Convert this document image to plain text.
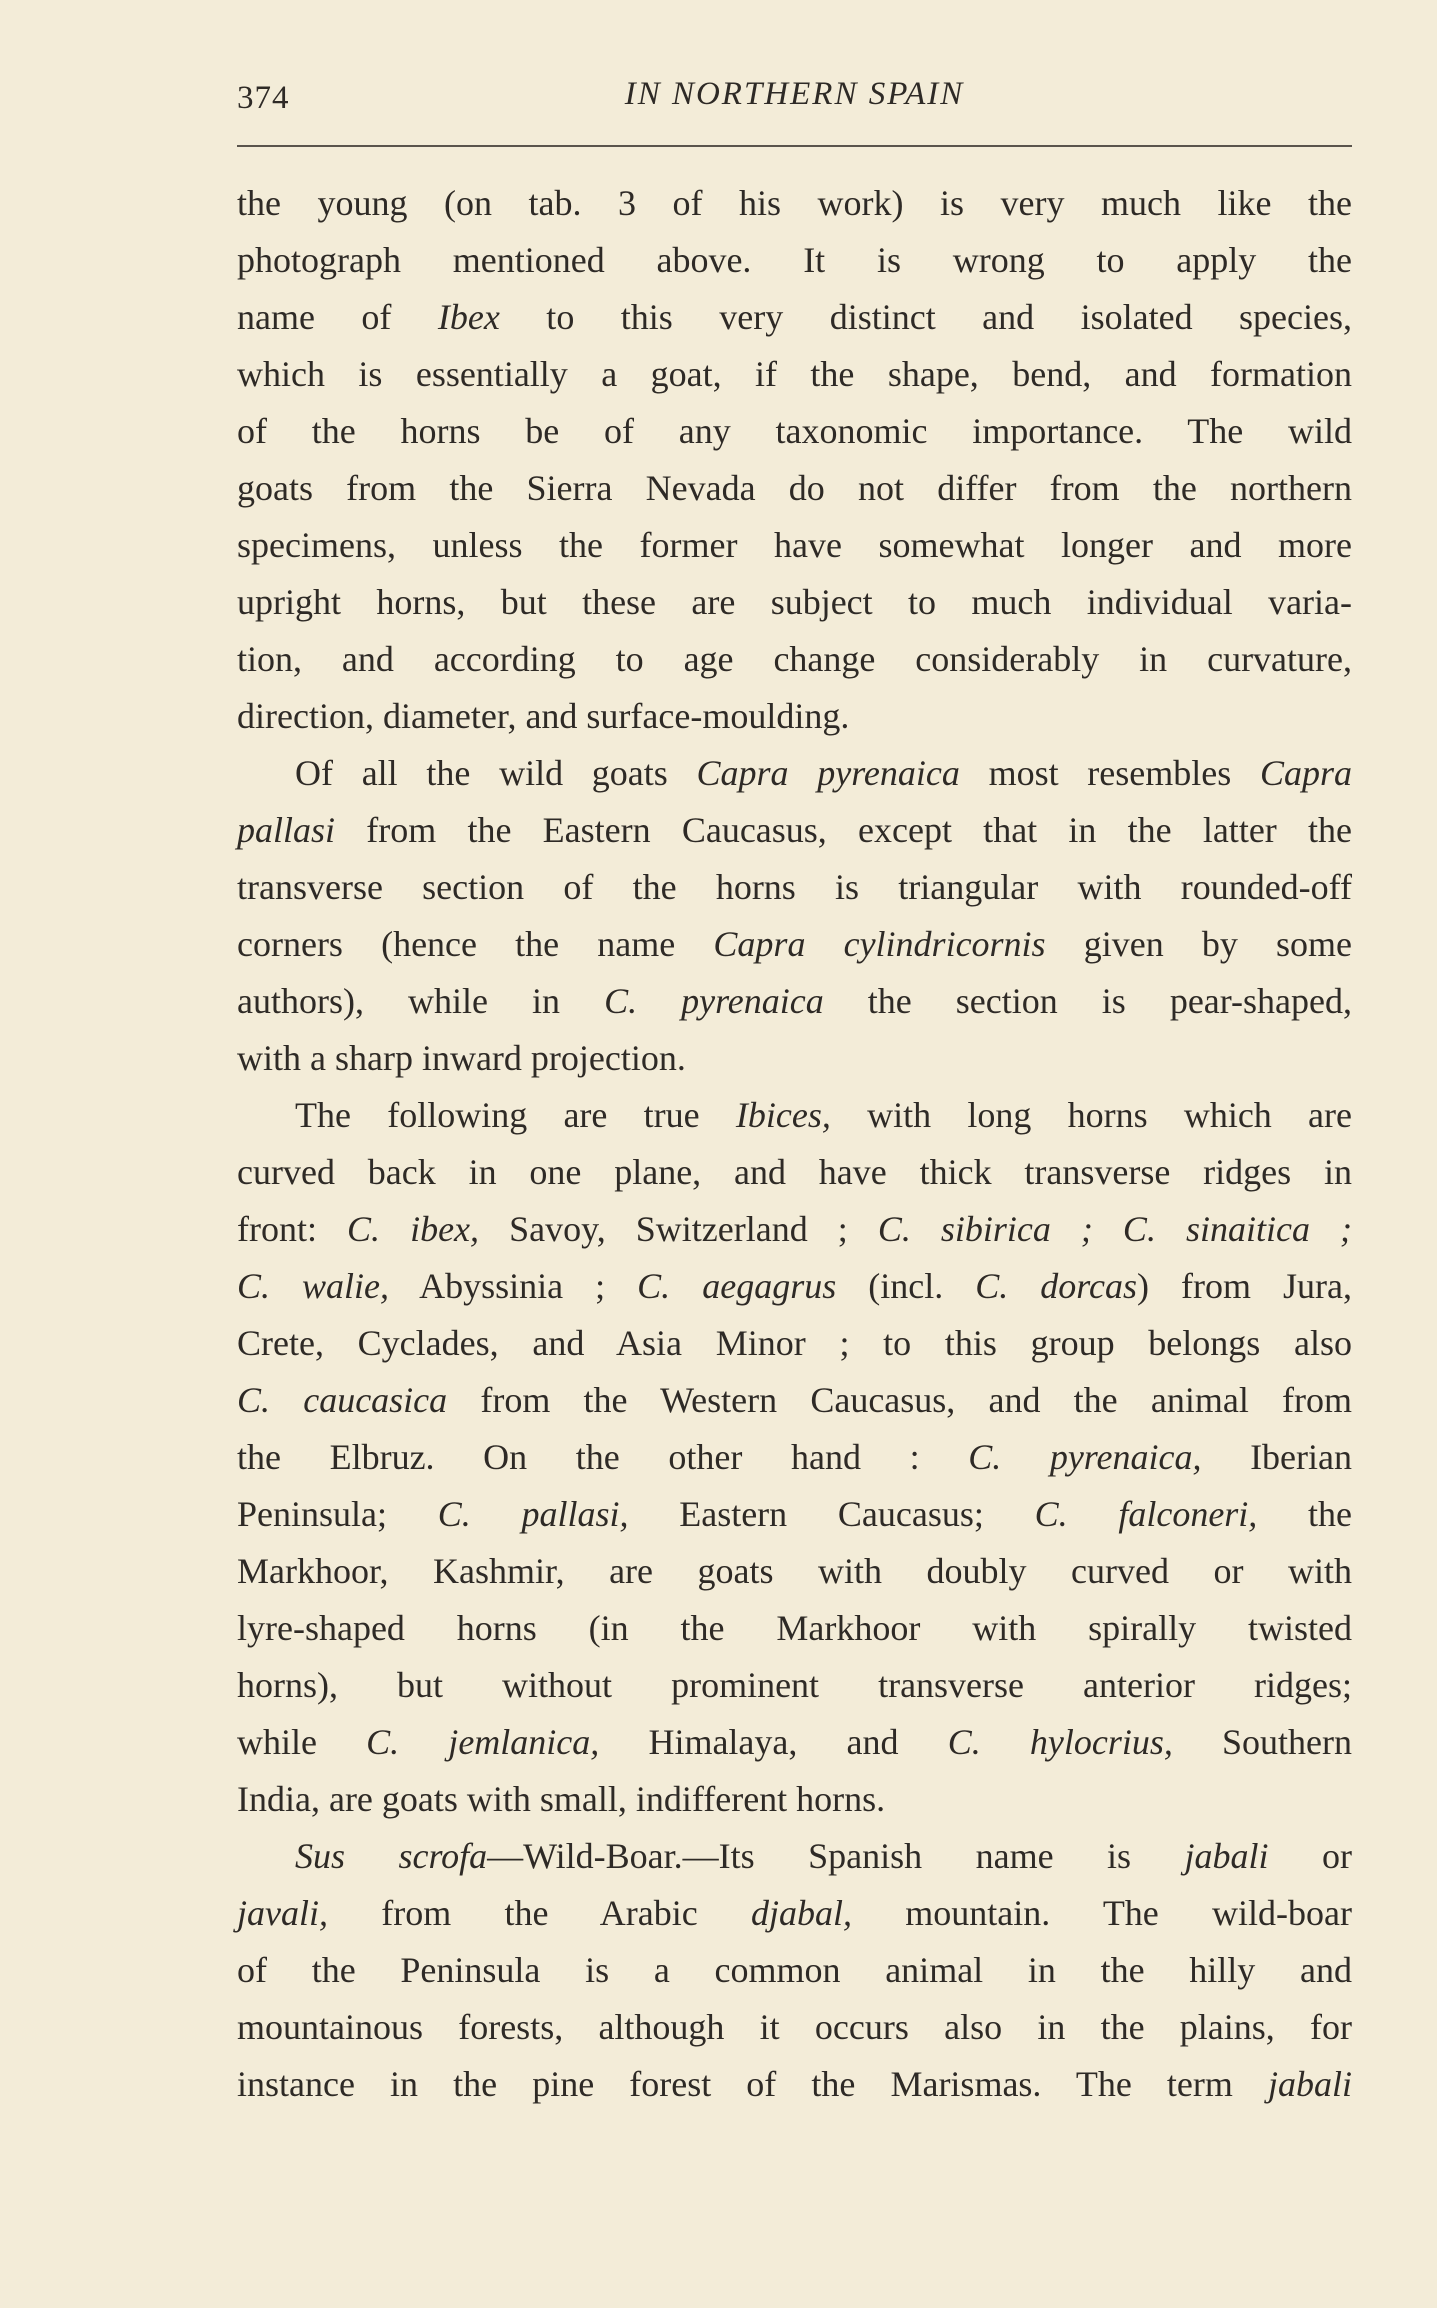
374	IN NORTHERN SPAIN
the young (on tab. 3 of his work) is very much like the
photograph mentioned above. It is wrong to apply the
name of Ibex to this very distinct and isolated species,
which is essentially a goat, if the shape, bend, and formation
of the horns be of any taxonomic importance. The wild
goats from the Sierra Nevada do not differ from the northern
specimens, unless the former have somewhat longer and more
upright horns, but these are subject to much individual varia-
tion, and according to age change considerably in curvature,
direction, diameter, and surface-moulding.
Of all the wild goats Capra pyrenaica most resembles Capra
pallasi from the Eastern Caucasus, except that in the latter the
transverse section of the horns is triangular with rounded-off
corners (hence the name Capra cylindricornis given by some
authors), while in C. pyrenaica the section is pear-shaped,
with a sharp inward projection.
The following are true Ibices, with long horns which are
curved back in one plane, and have thick transverse ridges in
front: C. ibex, Savoy, Switzerland ; C. sibirica ; C. sinaitica ;
C. walie, Abyssinia ; C. aegagrus (incl. C. dorcas) from Jura,
Crete, Cyclades, and Asia Minor ; to this group belongs also
C. caucasica from the Western Caucasus, and the animal from
the Elbruz. On the other hand : C. pyrenaica, Iberian
Peninsula; C. pallasi, Eastern Caucasus; C. falconeri, the
Markhoor, Kashmir, are goats with doubly curved or with
lyre-shaped horns (in the Markhoor with spirally twisted
horns), but without prominent transverse anterior ridges;
while C. jemlanica, Himalaya, and C. hylocrius, Southern
India, are goats with small, indifferent horns.
Sus scrofa—Wild-Boar.—Its Spanish name is jabali or
javali, from the Arabic djabal, mountain. The wild-boar
of the Peninsula is a common animal in the hilly and
mountainous forests, although it occurs also in the plains, for
instance in the pine forest of the Marismas. The term jabali
